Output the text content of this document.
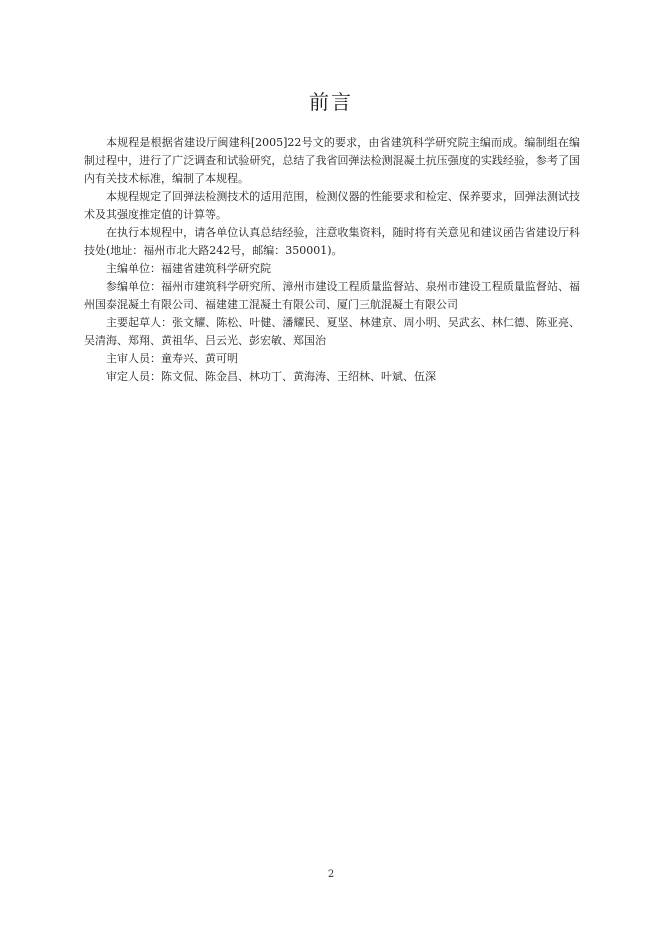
前言

本规程是根据省建设厅闽建科[2005]22号文的要求，由省建筑科学研究院主编而成。编制组在编制过程中，进行了广泛调查和试验研究，总结了我省回弹法检测混凝土抗压强度的实践经验，参考了国内有关技术标准，编制了本规程。

本规程规定了回弹法检测技术的适用范围，检测仪器的性能要求和检定、保养要求，回弹法测试技术及其强度推定值的计算等。

在执行本规程中，请各单位认真总结经验，注意收集资料，随时将有关意见和建议函告省建设厅科技处(地址：福州市北大路242号，邮编：350001)。

主编单位：福建省建筑科学研究院

参编单位：福州市建筑科学研究所、漳州市建设工程质量监督站、泉州市建设工程质量监督站、福州国泰混凝土有限公司、福建建工混凝土有限公司、厦门三航混凝土有限公司

主要起草人：张文耀、陈松、叶健、潘耀民、夏坚、林建京、周小明、吴武玄、林仁德、陈亚亮、吴清海、郑翔、黄祖华、吕云光、彭宏敏、郑国治

主审人员：童寿兴、黄可明

审定人员：陈文侃、陈金昌、林功丁、黄海涛、王绍林、叶斌、伍深

2
